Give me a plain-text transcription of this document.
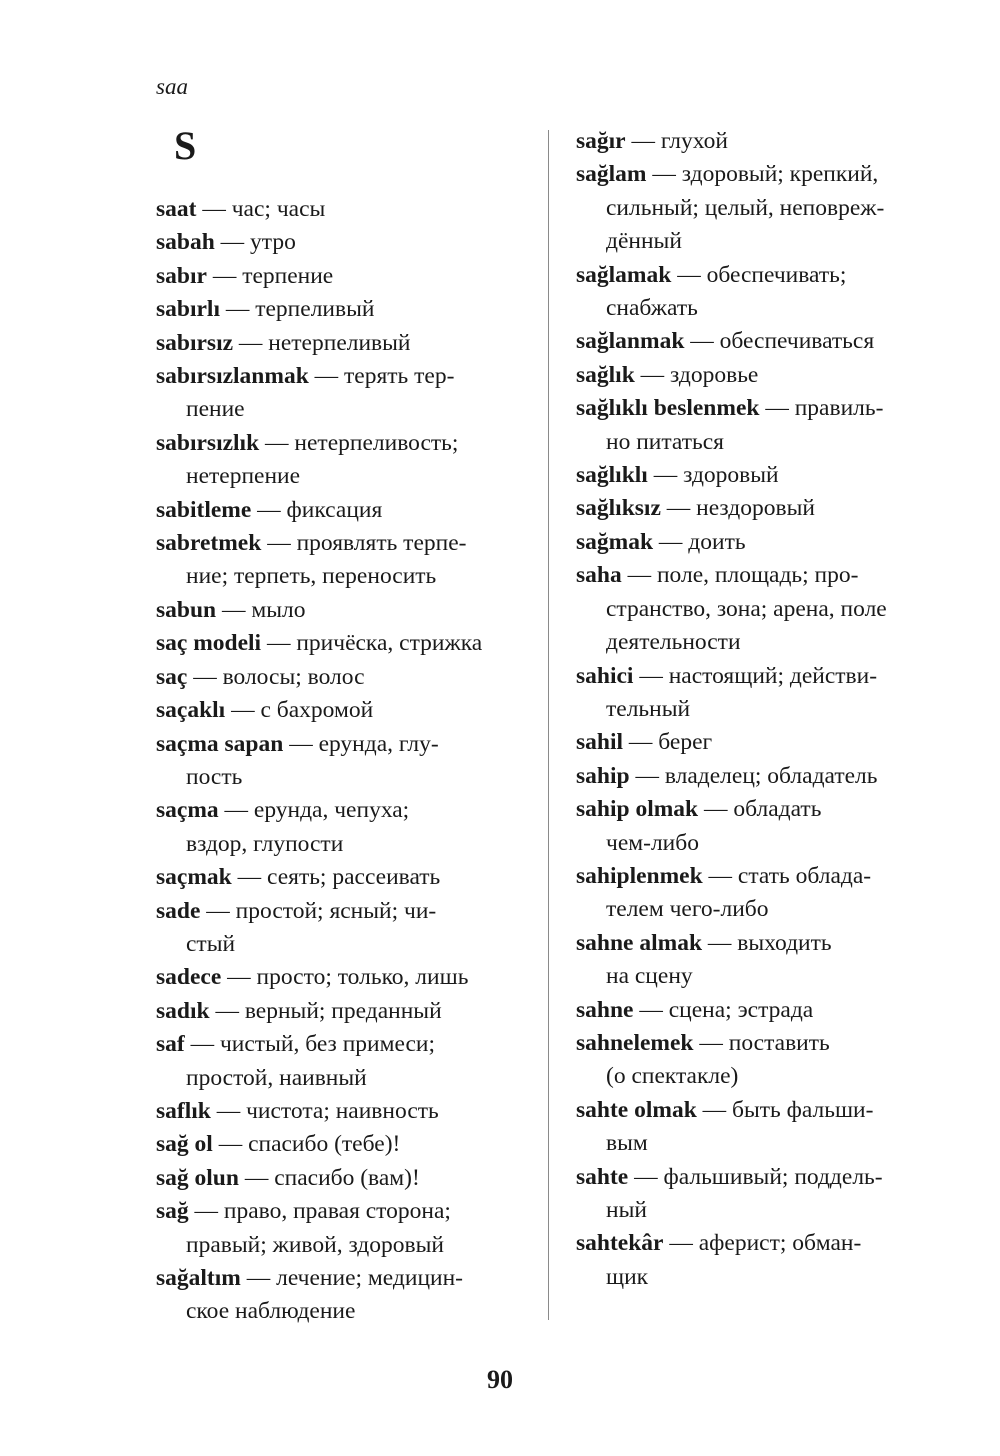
saa
S
saat — час; часы
sabah — утро
sabır — терпение
sabırlı — терпеливый
sabırsız — нетерпеливый
sabırsızlanmak — терять тер-
пение
sabırsızlık — нетерпеливость;
нетерпение
sabitleme — фиксация
sabretmek — проявлять терпе-
ние; терпеть, переносить
sabun — мыло
saç modeli — причёска, стрижка
saç — волосы; волос
saçaklı — с бахромой
saçma sapan — ерунда, глу-
пость
saçma — ерунда, чепуха;
вздор, глупости
saçmak — сеять; рассеивать
sade — простой; ясный; чи-
стый
sadece — просто; только, лишь
sadık — верный; преданный
saf — чистый, без примеси;
простой, наивный
saflık — чистота; наивность
sağ ol — спасибо (тебе)!
sağ olun — спасибо (вам)!
sağ — право, правая сторона;
правый; живой, здоровый
sağaltım — лечение; медицин-
ское наблюдение
sağır — глухой
sağlam — здоровый; крепкий,
сильный; целый, неповреж-
дённый
sağlamak — обеспечивать;
снабжать
sağlanmak — обеспечиваться
sağlık — здоровье
sağlıklı beslenmek — правиль-
но питаться
sağlıklı — здоровый
sağlıksız — нездоровый
sağmak — доить
saha — поле, площадь; про-
странство, зона; арена, поле
деятельности
sahici — настоящий; действи-
тельный
sahil — берег
sahip — владелец; обладатель
sahip olmak — обладать
чем-либо
sahiplenmek — стать облада-
телем чего-либо
sahne almak — выходить
на сцену
sahne — сцена; эстрада
sahnelemek — поставить
(о спектакле)
sahte olmak — быть фальши-
вым
sahte — фальшивый; поддель-
ный
sahtekâr — аферист; обман-
щик
90
